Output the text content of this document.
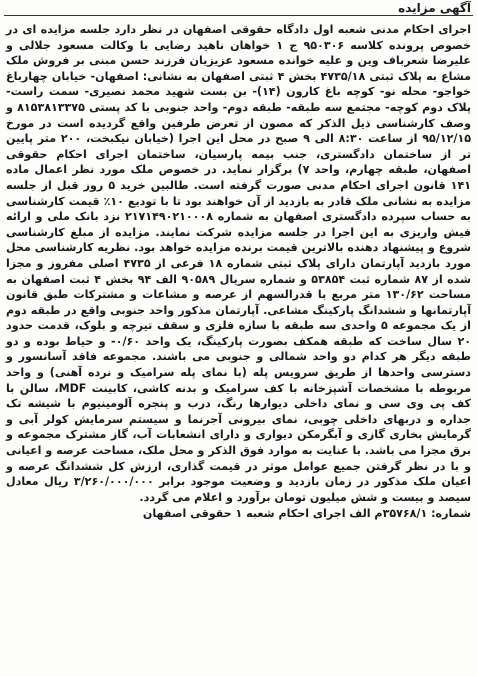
آگهی مزایده

اجرای احکام مدنی شعبه اول دادگاه حقوقی اصفهان در نظر دارد جلسه مزایده ای در خصوص پرونده کلاسه ۹۵۰۳۰۶ ج ۱ خواهان ناهید رضایی با وکالت مسعود جلالی و علیرضا شعرباف وین و علیه خوانده مسعود عزیزیان فرزند حسن مبنی بر فروش ملک مشاع به پلاک ثبتی ۴۷۳۵/۱۸ بخش ۴ ثبتی اصفهان به نشانی: اصفهان- خیابان چهارباغ خواجو- محله نو- کوچه باغ کارون (۱۴)- بن بست شهید محمد نصیری- سمت راست- پلاک دوم کوچه- مجتمع سه طبقه- طبقه دوم- واحد جنوبی با کد پستی ۸۱۵۳۸۱۳۳۷۵ و وصف کارشناسی ذیل الذکر که مصون از تعرض طرفین واقع گردیده است در مورخ ۹۵/۱۲/۱۵ از ساعت ۸:۳۰ الی ۹ صبح در محل این اجرا (خیابان نیکبخت، ۲۰۰ متر پایین تر از ساختمان دادگستری، جنب بیمه پارسیان، ساختمان اجرای احکام حقوقی اصفهان، طبقه چهارم، واحد ۷) برگزار نماید. در خصوص ملک مورد نظر اعمال ماده ۱۴۱ قانون اجرای احکام مدنی صورت گرفته است. طالبین خرید ۵ روز قبل از جلسه مزایده به نشانی ملک قادر به بازدید از آن خواهند بود تا با تودیع ۱۰٪ قیمت کارشناسی به حساب سپرده دادگستری اصفهان به شماره ۲۱۷۱۴۹۰۲۱۰۰۰۸ نزد بانک ملی و ارائه فیش واریزی به این اجرا در جلسه مزایده شرکت نمایند. مزایده از مبلغ کارشناسی شروع و پیشنهاد دهنده بالاترین قیمت برنده مزایده خواهد بود. نظریه کارشناسی محل مورد بازدید آپارتمان دارای پلاک ثبتی شماره ۱۸ فرعی از ۴۷۳۵ اصلی مفروز و مجزا شده از ۸۷ شماره ثبت ۵۳۸۵۴ و شماره سریال ۹۰۵۸۹ الف ۹۴ بخش ۴ ثبت اصفهان به مساحت ۱۳۰/۶۲ متر مربع با قدرالسهم از عرصه و مشاعات و مشترکات طبق قانون آپارتمانها و ششدانگ پارکینگ مشاعی. آپارتمان مذکور واحد جنوبی واقع در طبقه دوم از یک مجموعه ۵ واحدی سه طبقه با سازه فلزی و سقف تیرچه و بلوک، قدمت حدود ۲۰ سال ساخت که طبقه همکف بصورت پارکینگ، یک واحد ۰/۶۰- و حیاط بوده و دو طبقه دیگر هر کدام دو واحد شمالی و جنوبی می باشند. مجموعه فاقد آسانسور و دسترسی واحدها از طریق سرویس پله (با نمای پله سرامیک و نرده آهنی) و واحد مربوطه با مشخصات آشپزخانه با کف سرامیک و بدنه کاشی، کابینت MDF، سالن با کف پی وی سی و نمای داخلی دیوارها رنگ، درب و پنجره آلومینیوم با شیشه تک جداره و دربهای داخلی چوبی، نمای بیرونی آجرنما و سیستم سرمایش کولر آبی و گرمایش بخاری گازی و آبگرمکن دیواری و دارای انشعابات آب، گاز مشترک مجموعه و برق مجزا می باشد. با عنایت به موارد فوق الذکر و محل ملک، مساحت عرصه و اعیانی و با در نظر گرفتن جمیع عوامل موثر در قیمت گذاری، ارزش کل ششدانگ عرصه و اعیان ملک مذکور در زمان بازدید و وضعیت موجود برابر ۳/۲۶۰/۰۰۰/۰۰۰ ریال معادل سیصد و بیست و شش میلیون تومان برآورد و اعلام می گردد.

شماره: ۳۵۷۶۸/۱م الف اجرای احکام شعبه ۱ حقوقی اصفهان
